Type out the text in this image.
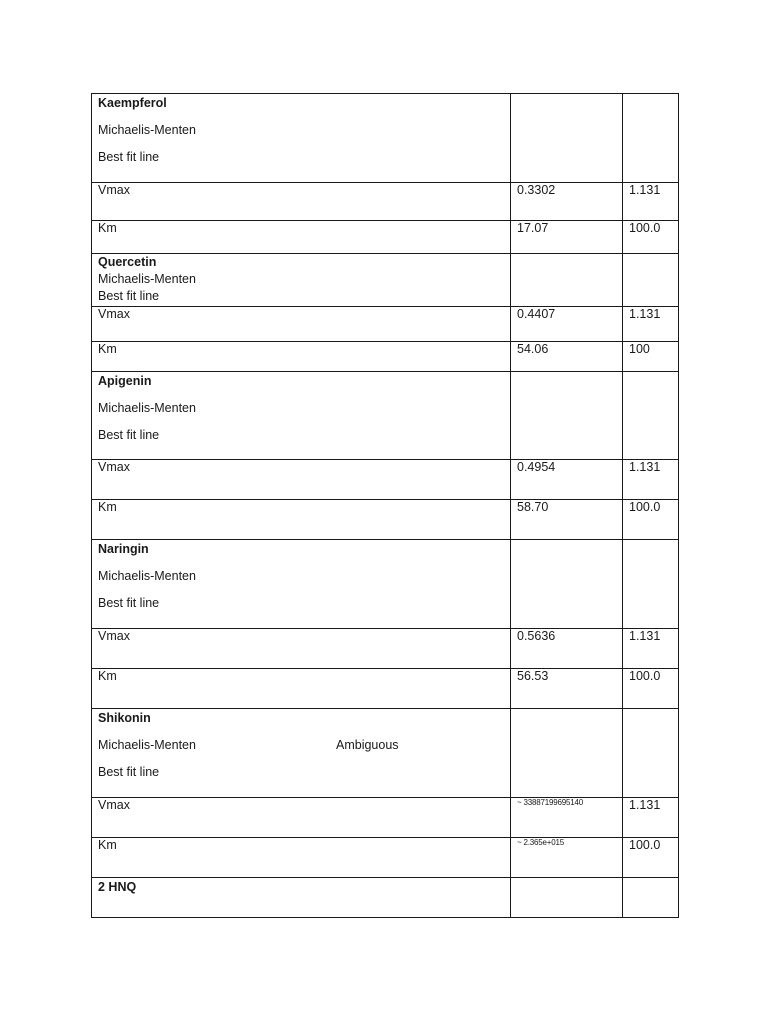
Kaempferol
Michaelis-Menten
Best fit line		

Vmax	0.3302	1.131
Km	17.07	100.0

Quercetin
Michaelis-Menten
Best fit line		

Vmax	0.4407	1.131
Km	54.06	100

Apigenin
Michaelis-Menten
Best fit line		

Vmax	0.4954	1.131
Km	58.70	100.0

Naringin
Michaelis-Menten
Best fit line		

Vmax	0.5636	1.131
Km	56.53	100.0

Shikonin
Michaelis-Menten Ambiguous
Best fit line		

Vmax	~ 33887199695140	1.131
Km	~ 2.365e+015	100.0

2 HNQ		
